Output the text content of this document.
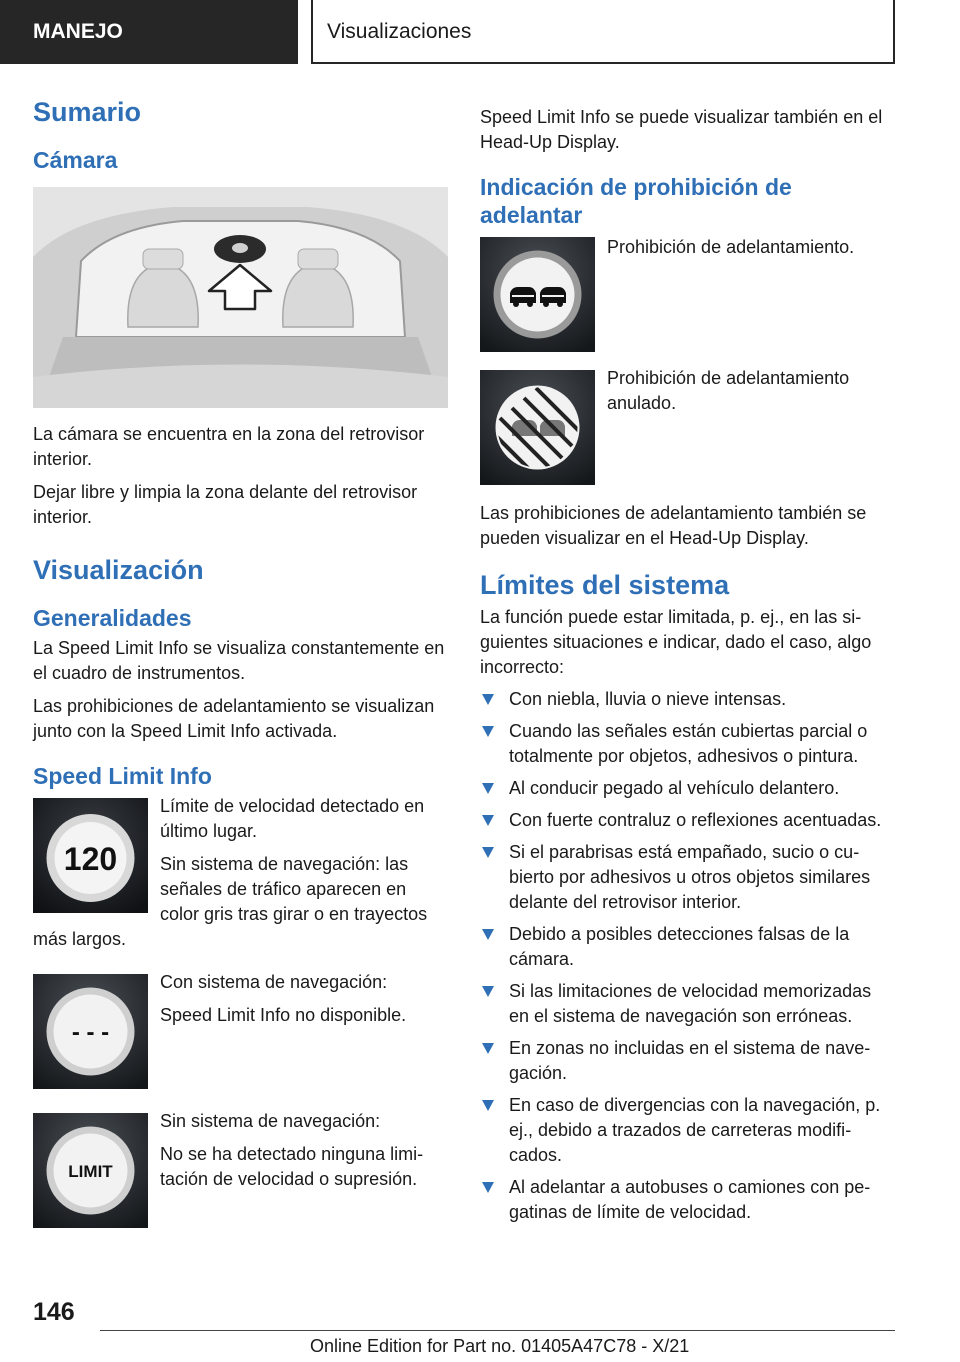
MANEJO	Visualizaciones
Sumario
Cámara

La cámara se encuentra en la zona del retrovisor interior.

Dejar libre y limpia la zona delante del retrovisor interior.

Visualización
Generalidades

La Speed Limit Info se visualiza constantemente en el cuadro de instrumentos.

Las prohibiciones de adelantamiento se visualizan junto con la Speed Limit Info activada.

Speed Limit Info
120

Límite de velocidad detectado en último lugar.

Sin sistema de navegación: las señales de tráfico aparecen en color gris tras girar o en trayectos más largos.

- - -

Con sistema de navegación:

Speed Limit Info no disponible.

LIMIT

Sin sistema de navegación:

No se ha detectado ninguna limitación de velocidad o supresión.

Speed Limit Info se puede visualizar también en el Head-Up Display.

Indicación de prohibición de adelantar

Prohibición de adelantamiento.

Prohibición de adelantamiento anulado.

Las prohibiciones de adelantamiento también se pueden visualizar en el Head-Up Display.

Límites del sistema

La función puede estar limitada, p. ej., en las siguientes situaciones e indicar, dado el caso, algo incorrecto:

Con niebla, lluvia o nieve intensas.
Cuando las señales están cubiertas parcial o totalmente por objetos, adhesivos o pintura.
Al conducir pegado al vehículo delantero.
Con fuerte contraluz o reflexiones acentuadas.
Si el parabrisas está empañado, sucio o cubierto por adhesivos u otros objetos similares delante del retrovisor interior.
Debido a posibles detecciones falsas de la cámara.
Si las limitaciones de velocidad memorizadas en el sistema de navegación son erróneas.
En zonas no incluidas en el sistema de navegación.
En caso de divergencias con la navegación, p. ej., debido a trazados de carreteras modificados.
Al adelantar a autobuses o camiones con pegatinas de límite de velocidad.
146
Online Edition for Part no. 01405A47C78 - X/21
